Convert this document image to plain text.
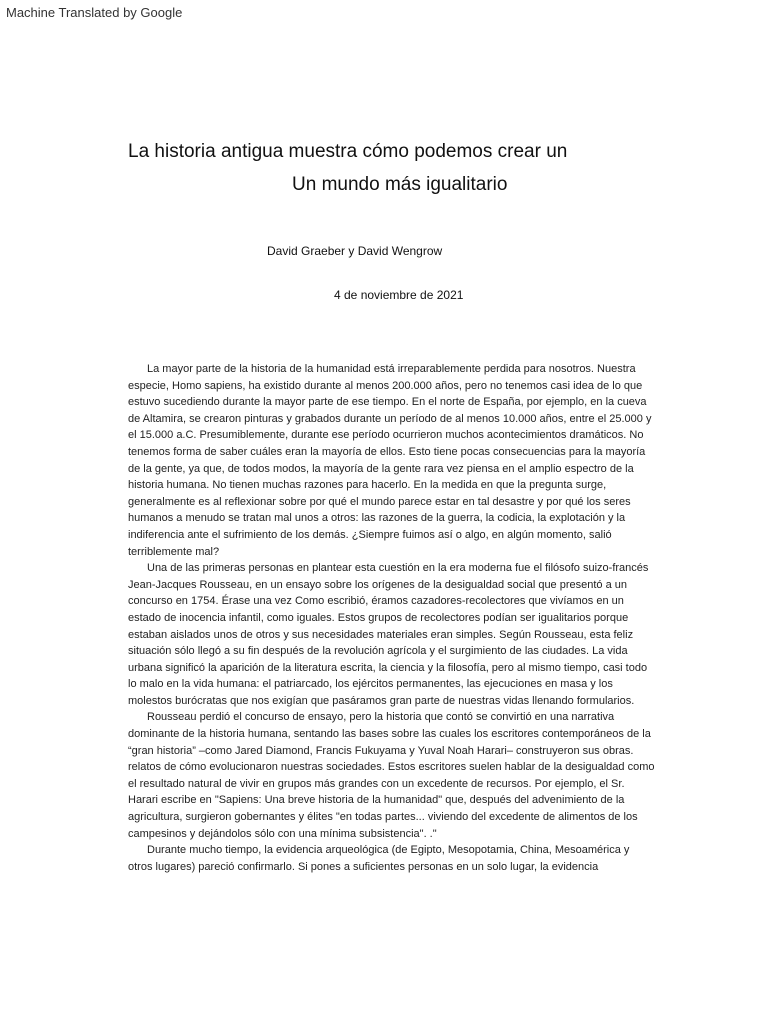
Machine Translated by Google
La historia antigua muestra cómo podemos crear un
Un mundo más igualitario
David Graeber y David Wengrow
4 de noviembre de 2021

La mayor parte de la historia de la humanidad está irreparablemente perdida para nosotros. Nuestra especie, Homo sapiens, ha existido durante al menos 200.000 años, pero no tenemos casi idea de lo que estuvo sucediendo durante la mayor parte de ese tiempo. En el norte de España, por ejemplo, en la cueva de Altamira, se crearon pinturas y grabados durante un período de al menos 10.000 años, entre el 25.000 y el 15.000 a.C. Presumiblemente, durante ese período ocurrieron muchos acontecimientos dramáticos. No tenemos forma de saber cuáles eran la mayoría de ellos. Esto tiene pocas consecuencias para la mayoría de la gente, ya que, de todos modos, la mayoría de la gente rara vez piensa en el amplio espectro de la historia humana. No tienen muchas razones para hacerlo. En la medida en que la pregunta surge, generalmente es al reflexionar sobre por qué el mundo parece estar en tal desastre y por qué los seres humanos a menudo se tratan mal unos a otros: las razones de la guerra, la codicia, la explotación y la indiferencia ante el sufrimiento de los demás. ¿Siempre fuimos así o algo, en algún momento, salió terriblemente mal?

Una de las primeras personas en plantear esta cuestión en la era moderna fue el filósofo suizo-francés Jean-Jacques Rousseau, en un ensayo sobre los orígenes de la desigualdad social que presentó a un concurso en 1754. Érase una vez Como escribió, éramos cazadores-recolectores que vivíamos en un estado de inocencia infantil, como iguales. Estos grupos de recolectores podían ser igualitarios porque estaban aislados unos de otros y sus necesidades materiales eran simples. Según Rousseau, esta feliz situación sólo llegó a su fin después de la revolución agrícola y el surgimiento de las ciudades. La vida urbana significó la aparición de la literatura escrita, la ciencia y la filosofía, pero al mismo tiempo, casi todo lo malo en la vida humana: el patriarcado, los ejércitos permanentes, las ejecuciones en masa y los molestos burócratas que nos exigían que pasáramos gran parte de nuestras vidas llenando formularios.

Rousseau perdió el concurso de ensayo, pero la historia que contó se convirtió en una narrativa dominante de la historia humana, sentando las bases sobre las cuales los escritores contemporáneos de la “gran historia” –como Jared Diamond, Francis Fukuyama y Yuval Noah Harari– construyeron sus obras. relatos de cómo evolucionaron nuestras sociedades. Estos escritores suelen hablar de la desigualdad como el resultado natural de vivir en grupos más grandes con un excedente de recursos. Por ejemplo, el Sr. Harari escribe en "Sapiens: Una breve historia de la humanidad" que, después del advenimiento de la agricultura, surgieron gobernantes y élites "en todas partes... viviendo del excedente de alimentos de los campesinos y dejándolos sólo con una mínima subsistencia". ."

Durante mucho tiempo, la evidencia arqueológica (de Egipto, Mesopotamia, China, Mesoamérica y otros lugares) pareció confirmarlo. Si pones a suficientes personas en un solo lugar, la evidencia
